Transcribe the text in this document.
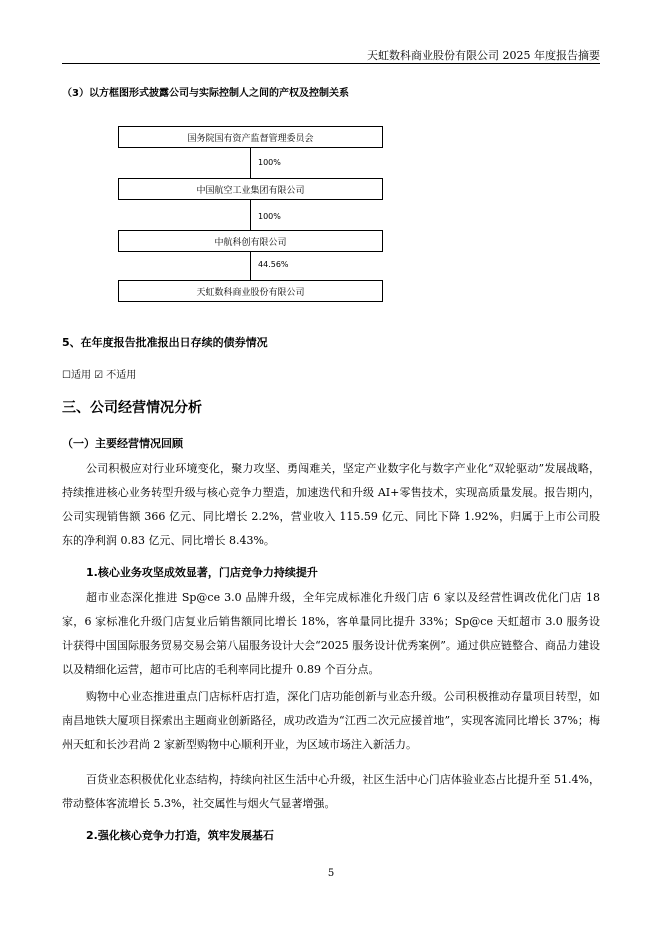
天虹数科商业股份有限公司 2025 年度报告摘要
（3）以方框图形式披露公司与实际控制人之间的产权及控制关系
国务院国有资产监督管理委员会
100%
中国航空工业集团有限公司
100%
中航科创有限公司
44.56%
天虹数科商业股份有限公司
5、在年度报告批准报出日存续的债券情况
☐适用 ☑ 不适用
三、公司经营情况分析
（一）主要经营情况回顾

公司积极应对行业环境变化，聚力攻坚、勇闯难关，坚定产业数字化与数字产业化“双轮驱动”发展战略，持续推进核心业务转型升级与核心竞争力塑造，加速迭代和升级 AI+零售技术，实现高质量发展。报告期内，公司实现销售额 366 亿元、同比增长 2.2%，营业收入 115.59 亿元、同比下降 1.92%，归属于上市公司股东的净利润 0.83 亿元、同比增长 8.43%。

1.核心业务攻坚成效显著，门店竞争力持续提升

超市业态深化推进 Sp@ce 3.0 品牌升级，全年完成标准化升级门店 6 家以及经营性调改优化门店 18 家，6 家标准化升级门店复业后销售额同比增长 18%，客单量同比提升 33%；Sp@ce 天虹超市 3.0 服务设计获得中国国际服务贸易交易会第八届服务设计大会“2025 服务设计优秀案例”。通过供应链整合、商品力建设以及精细化运营，超市可比店的毛利率同比提升 0.89 个百分点。

购物中心业态推进重点门店标杆店打造，深化门店功能创新与业态升级。公司积极推动存量项目转型，如南昌地铁大厦项目探索出主题商业创新路径，成功改造为“江西二次元应援首地”，实现客流同比增长 37%；梅州天虹和长沙君尚 2 家新型购物中心顺利开业，为区域市场注入新活力。

百货业态积极优化业态结构，持续向社区生活中心升级，社区生活中心门店体验业态占比提升至 51.4%，带动整体客流增长 5.3%，社交属性与烟火气显著增强。

2.强化核心竞争力打造，筑牢发展基石
5
